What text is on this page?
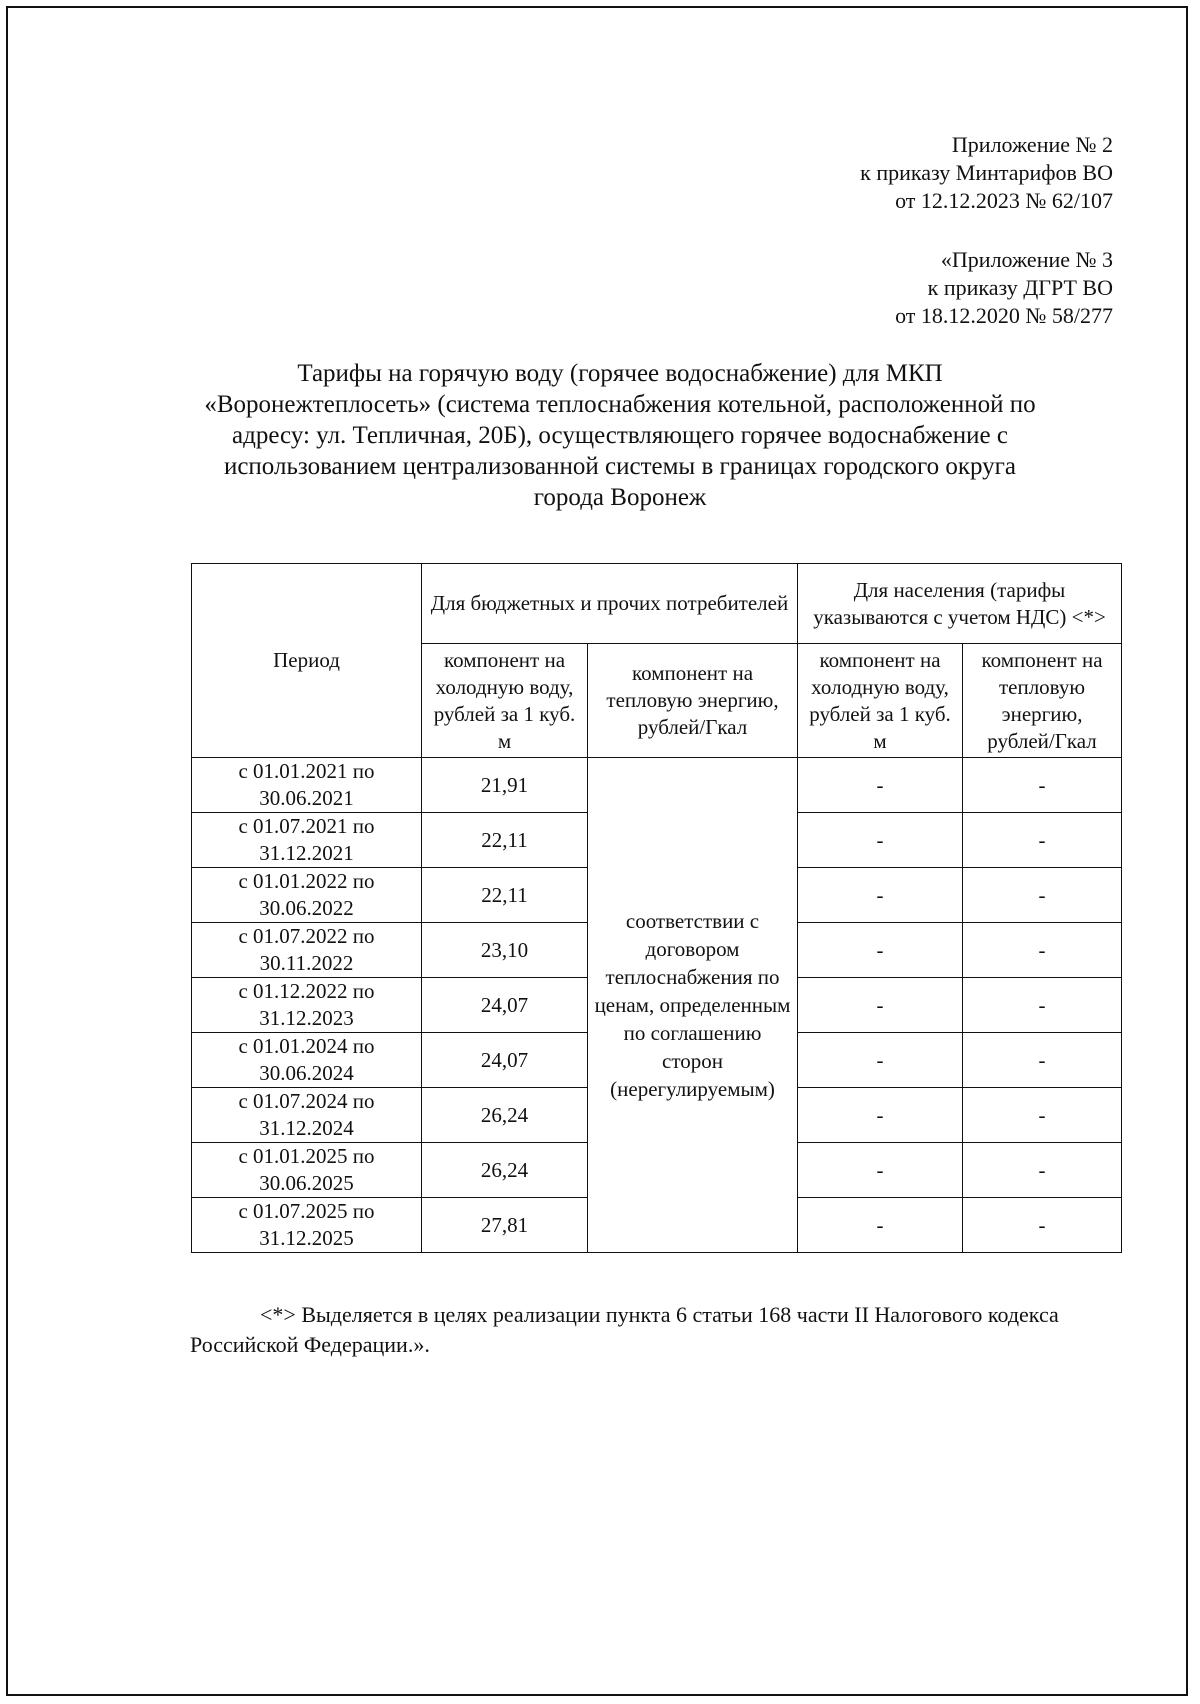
Приложение № 2
к приказу Минтарифов ВО
от 12.12.2023 № 62/107
«Приложение № 3
к приказу ДГРТ ВО
от 18.12.2020 № 58/277
Тарифы на горячую воду (горячее водоснабжение) для МКП
«Воронежтеплосеть» (система теплоснабжения котельной, расположенной по
адресу: ул. Тепличная, 20Б), осуществляющего горячее водоснабжение с
использованием централизованной системы в границах городского округа
города Воронеж
Период	Для бюджетных и прочих потребителей		Для населения (тарифы указываются с учетом НДС) <*>	
	компонент на холодную воду, рублей за 1 куб. м	компонент на тепловую энергию, рублей/Гкал	компонент на холодную воду, рублей за 1 куб. м	компонент на тепловую энергию, рублей/Гкал
с 01.01.2021 по 30.06.2021	21,91	соответствии с договором теплоснабжения по ценам, определенным по соглашению сторон (нерегулируемым)	-	-
с 01.07.2021 по 31.12.2021	22,11		-	-
с 01.01.2022 по 30.06.2022	22,11		-	-
с 01.07.2022 по 30.11.2022	23,10		-	-
с 01.12.2022 по 31.12.2023	24,07		-	-
с 01.01.2024 по 30.06.2024	24,07		-	-
с 01.07.2024 по 31.12.2024	26,24		-	-
с 01.01.2025 по 30.06.2025	26,24		-	-
с 01.07.2025 по 31.12.2025	27,81		-	-
<*> Выделяется в целях реализации пункта 6 статьи 168 части II Налогового кодекса
Российской Федерации.».
